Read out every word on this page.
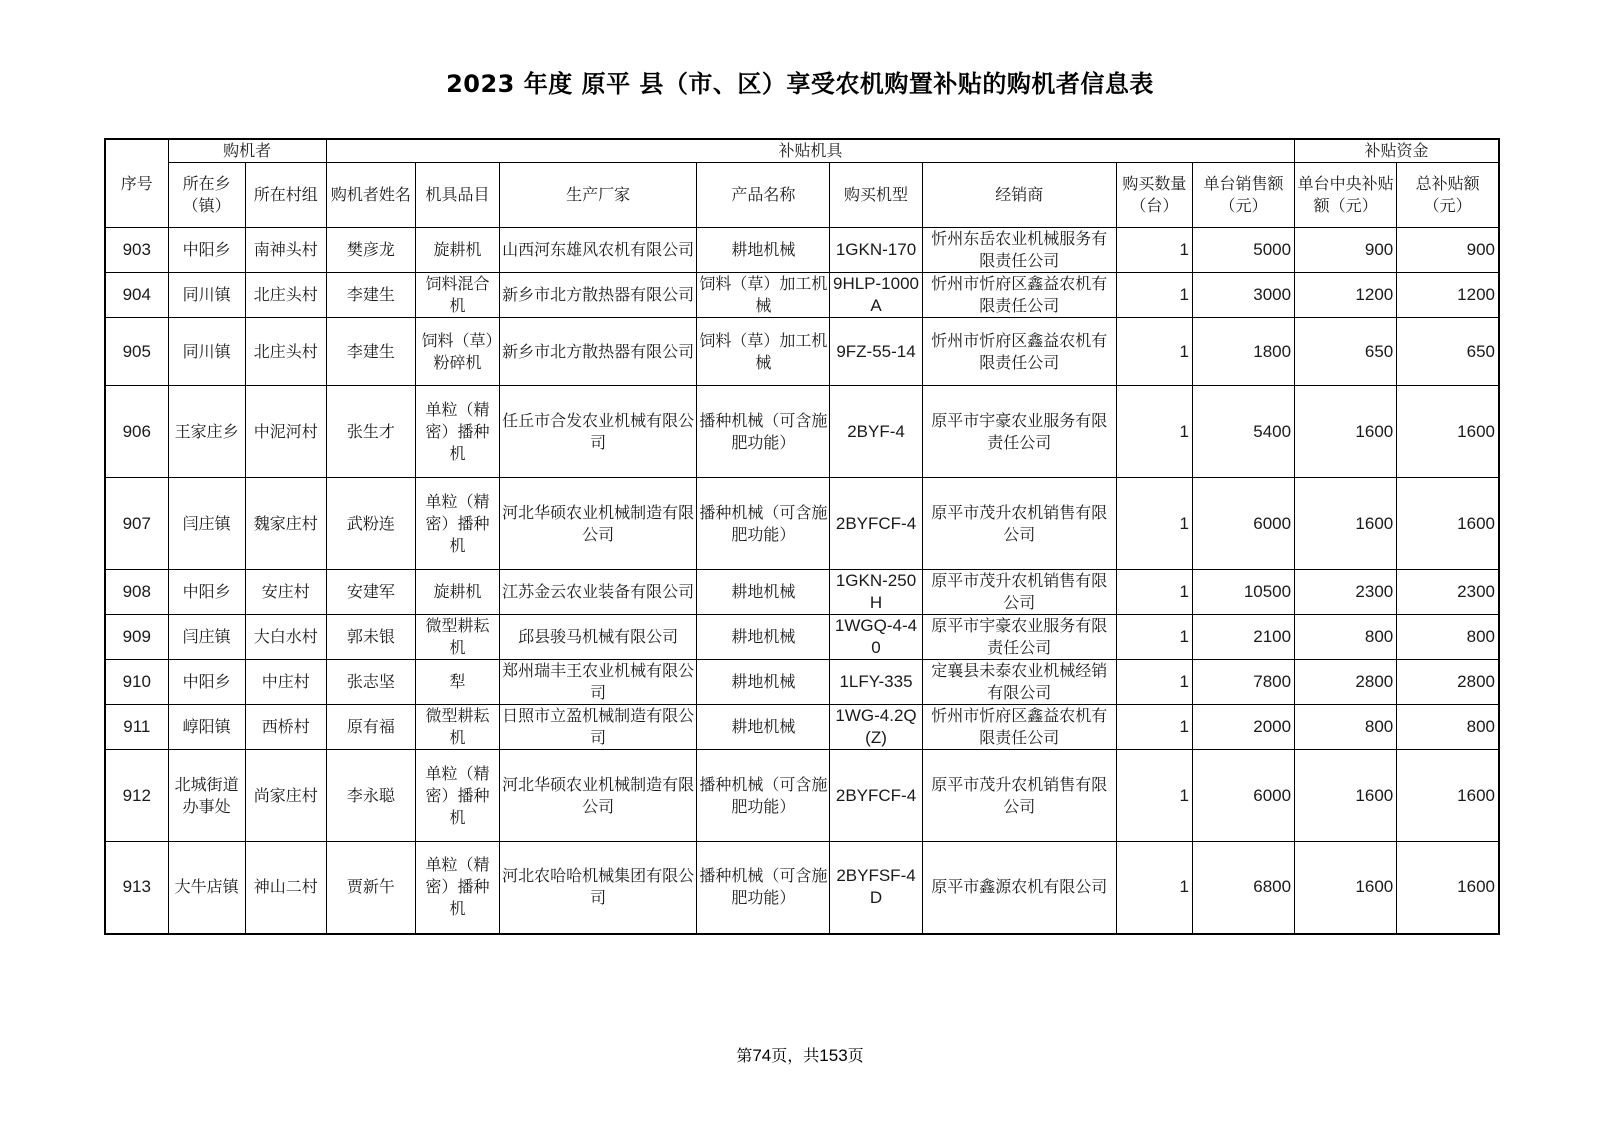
2023 年度 原平 县（市、区）享受农机购置补贴的购机者信息表
序号	购机者		补贴机具								补贴资金	
	所在乡（镇）	所在村组	购机者姓名	机具品目	生产厂家	产品名称	购买机型	经销商	购买数量（台）	单台销售额（元）	单台中央补贴额（元）	总补贴额（元）
903	中阳乡	南神头村	樊彦龙	旋耕机	山西河东雄风农机有限公司	耕地机械	1GKN-170	忻州东岳农业机械服务有限责任公司	1	5000	900	900
904	同川镇	北庄头村	李建生	饲料混合机	新乡市北方散热器有限公司	饲料（草）加工机械	9HLP-1000A	忻州市忻府区鑫益农机有限责任公司	1	3000	1200	1200
905	同川镇	北庄头村	李建生	饲料（草）粉碎机	新乡市北方散热器有限公司	饲料（草）加工机械	9FZ-55-14	忻州市忻府区鑫益农机有限责任公司	1	1800	650	650
906	王家庄乡	中泥河村	张生才	单粒（精密）播种机	任丘市合发农业机械有限公司	播种机械（可含施肥功能）	2BYF-4	原平市宇豪农业服务有限责任公司	1	5400	1600	1600
907	闫庄镇	魏家庄村	武粉连	单粒（精密）播种机	河北华硕农业机械制造有限公司	播种机械（可含施肥功能）	2BYFCF-4	原平市茂升农机销售有限公司	1	6000	1600	1600
908	中阳乡	安庄村	安建军	旋耕机	江苏金云农业装备有限公司	耕地机械	1GKN-250H	原平市茂升农机销售有限公司	1	10500	2300	2300
909	闫庄镇	大白水村	郭未银	微型耕耘机	邱县骏马机械有限公司	耕地机械	1WGQ-4-40	原平市宇豪农业服务有限责任公司	1	2100	800	800
910	中阳乡	中庄村	张志坚	犁	郑州瑞丰王农业机械有限公司	耕地机械	1LFY-335	定襄县未泰农业机械经销有限公司	1	7800	2800	2800
911	崞阳镇	西桥村	原有福	微型耕耘机	日照市立盈机械制造有限公司	耕地机械	1WG-4.2Q(Z)	忻州市忻府区鑫益农机有限责任公司	1	2000	800	800
912	北城街道办事处	尚家庄村	李永聪	单粒（精密）播种机	河北华硕农业机械制造有限公司	播种机械（可含施肥功能）	2BYFCF-4	原平市茂升农机销售有限公司	1	6000	1600	1600
913	大牛店镇	神山二村	贾新午	单粒（精密）播种机	河北农哈哈机械集团有限公司	播种机械（可含施肥功能）	2BYFSF-4D	原平市鑫源农机有限公司	1	6800	1600	1600
第74页，共153页
